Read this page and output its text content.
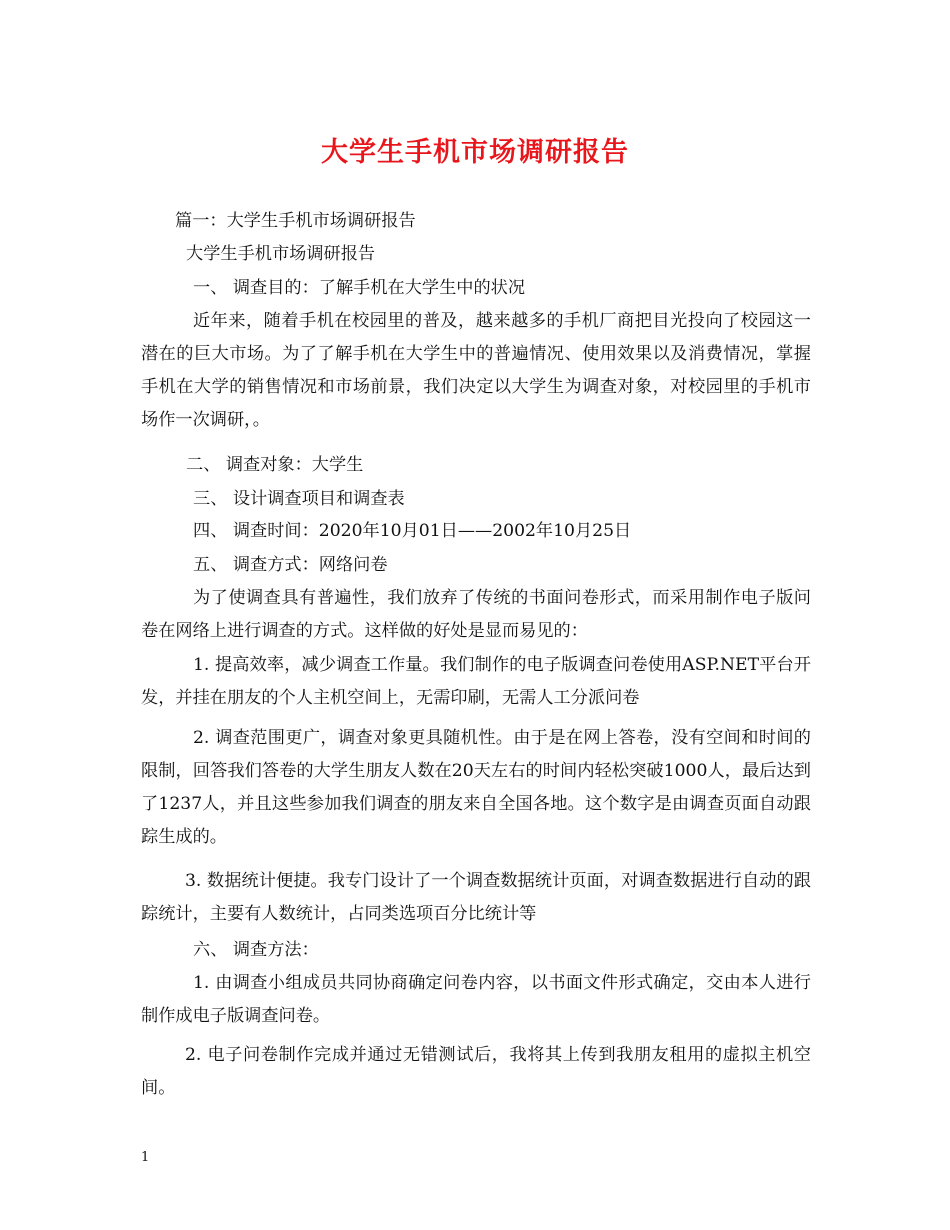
大学生手机市场调研报告
篇一：大学生手机市场调研报告
大学生手机市场调研报告
一、 调查目的：了解手机在大学生中的状况
近年来，随着手机在校园里的普及，越来越多的手机厂商把目光投向了校园这一潜在的巨大市场。为了了解手机在大学生中的普遍情况、使用效果以及消费情况，掌握手机在大学的销售情况和市场前景，我们决定以大学生为调查对象，对校园里的手机市场作一次调研，。
二、 调查对象：大学生
三、 设计调查项目和调查表
四、 调查时间：2020年10月01日——2002年10月25日
五、 调查方式：网络问卷
为了使调查具有普遍性，我们放弃了传统的书面问卷形式，而采用制作电子版问卷在网络上进行调查的方式。这样做的好处是显而易见的：
1. 提高效率，减少调查工作量。我们制作的电子版调查问卷使用ASP.NET平台开发，并挂在朋友的个人主机空间上，无需印刷，无需人工分派问卷
2. 调查范围更广，调查对象更具随机性。由于是在网上答卷，没有空间和时间的限制，回答我们答卷的大学生朋友人数在20天左右的时间内轻松突破1000人，最后达到了1237人，并且这些参加我们调查的朋友来自全国各地。这个数字是由调查页面自动跟踪生成的。
3. 数据统计便捷。我专门设计了一个调查数据统计页面，对调查数据进行自动的跟踪统计，主要有人数统计，占同类选项百分比统计等
六、 调查方法：
1. 由调查小组成员共同协商确定问卷内容，以书面文件形式确定，交由本人进行制作成电子版调查问卷。
2. 电子问卷制作完成并通过无错测试后，我将其上传到我朋友租用的虚拟主机空间。
1
